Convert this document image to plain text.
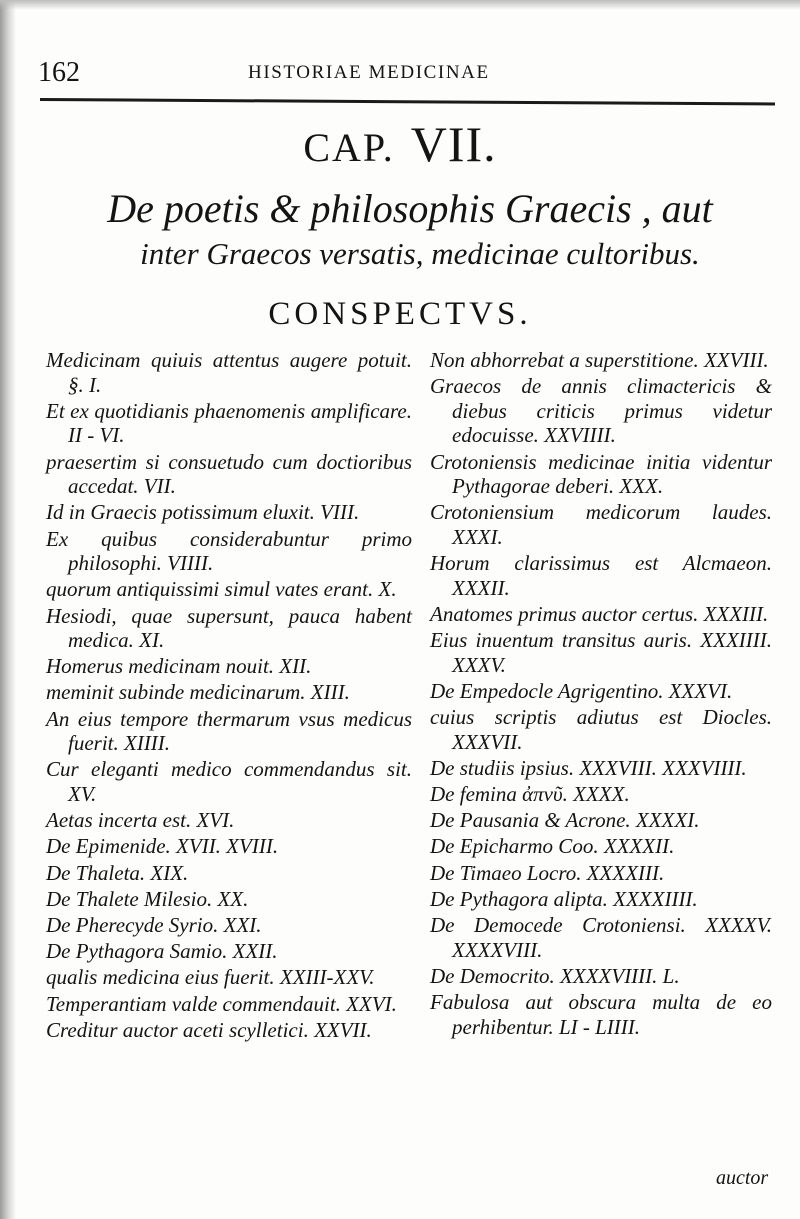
162	HISTORIAE MEDICINAE
CAP. VII.
De poetis & philosophis Graecis , aut
inter Graecos versatis, medicinae cultoribus.
CONSPECTVS.

Medicinam quiuis attentus augere potuit. §. I.

Et ex quotidianis phaenomenis amplificare. II - VI.

praesertim si consuetudo cum doctioribus accedat. VII.

Id in Graecis potissimum eluxit. VIII.

Ex quibus considerabuntur primo philosophi. VIIII.

quorum antiquissimi simul vates erant. X.

Hesiodi, quae supersunt, pauca habent medica. XI.

Homerus medicinam nouit. XII.

meminit subinde medicinarum. XIII.

An eius tempore thermarum vsus medicus fuerit. XIIII.

Cur eleganti medico commendandus sit. XV.

Aetas incerta est. XVI.

De Epimenide. XVII. XVIII.

De Thaleta. XIX.

De Thalete Milesio. XX.

De Pherecyde Syrio. XXI.

De Pythagora Samio. XXII.

qualis medicina eius fuerit. XXIII-XXV.

Temperantiam valde commendauit. XXVI.

Creditur auctor aceti scylletici. XXVII.

Non abhorrebat a superstitione. XXVIII.

Graecos de annis climactericis & diebus criticis primus videtur edocuisse. XXVIIII.

Crotoniensis medicinae initia videntur Pythagorae deberi. XXX.

Crotoniensium medicorum laudes. XXXI.

Horum clarissimus est Alcmaeon. XXXII.

Anatomes primus auctor certus. XXXIII.

Eius inuentum transitus auris. XXXIIII. XXXV.

De Empedocle Agrigentino. XXXVI.

cuius scriptis adiutus est Diocles. XXXVII.

De studiis ipsius. XXXVIII. XXXVIIII.

De femina ἀπνῦ. XXXX.

De Pausania & Acrone. XXXXI.

De Epicharmo Coo. XXXXII.

De Timaeo Locro. XXXXIII.

De Pythagora alipta. XXXXIIII.

De Democede Crotoniensi. XXXXV. XXXXVIII.

De Democrito. XXXXVIIII. L.

Fabulosa aut obscura multa de eo perhibentur. LI - LIIII.

auctor
